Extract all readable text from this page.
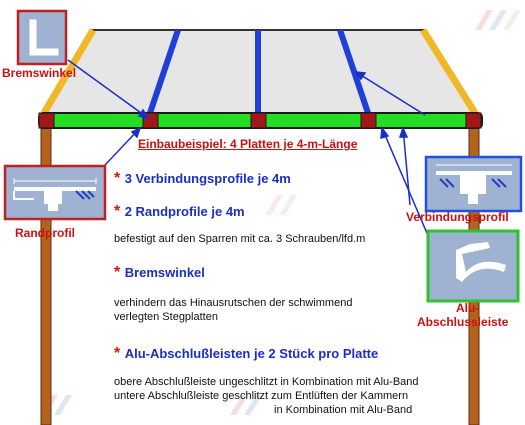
Bremswinkel
Randprofil
Verbindungsprofil
Alu-
Abschlussleiste
Einbaubeispiel: 4 Platten je 4-m-Länge
* 3 Verbindungsprofile je 4m
* 2 Randprofile je 4m
befestigt auf den Sparren mit ca. 3 Schrauben/lfd.m
* Bremswinkel
verhindern das Hinausrutschen der schwimmend
verlegten Stegplatten
* Alu-Abschlußleisten je 2 Stück pro Platte
obere Abschlußleiste ungeschlitzt in Kombination mit Alu-Band
untere Abschlußleiste geschlitzt zum Entlüften der Kammern
in Kombination mit Alu-Band
